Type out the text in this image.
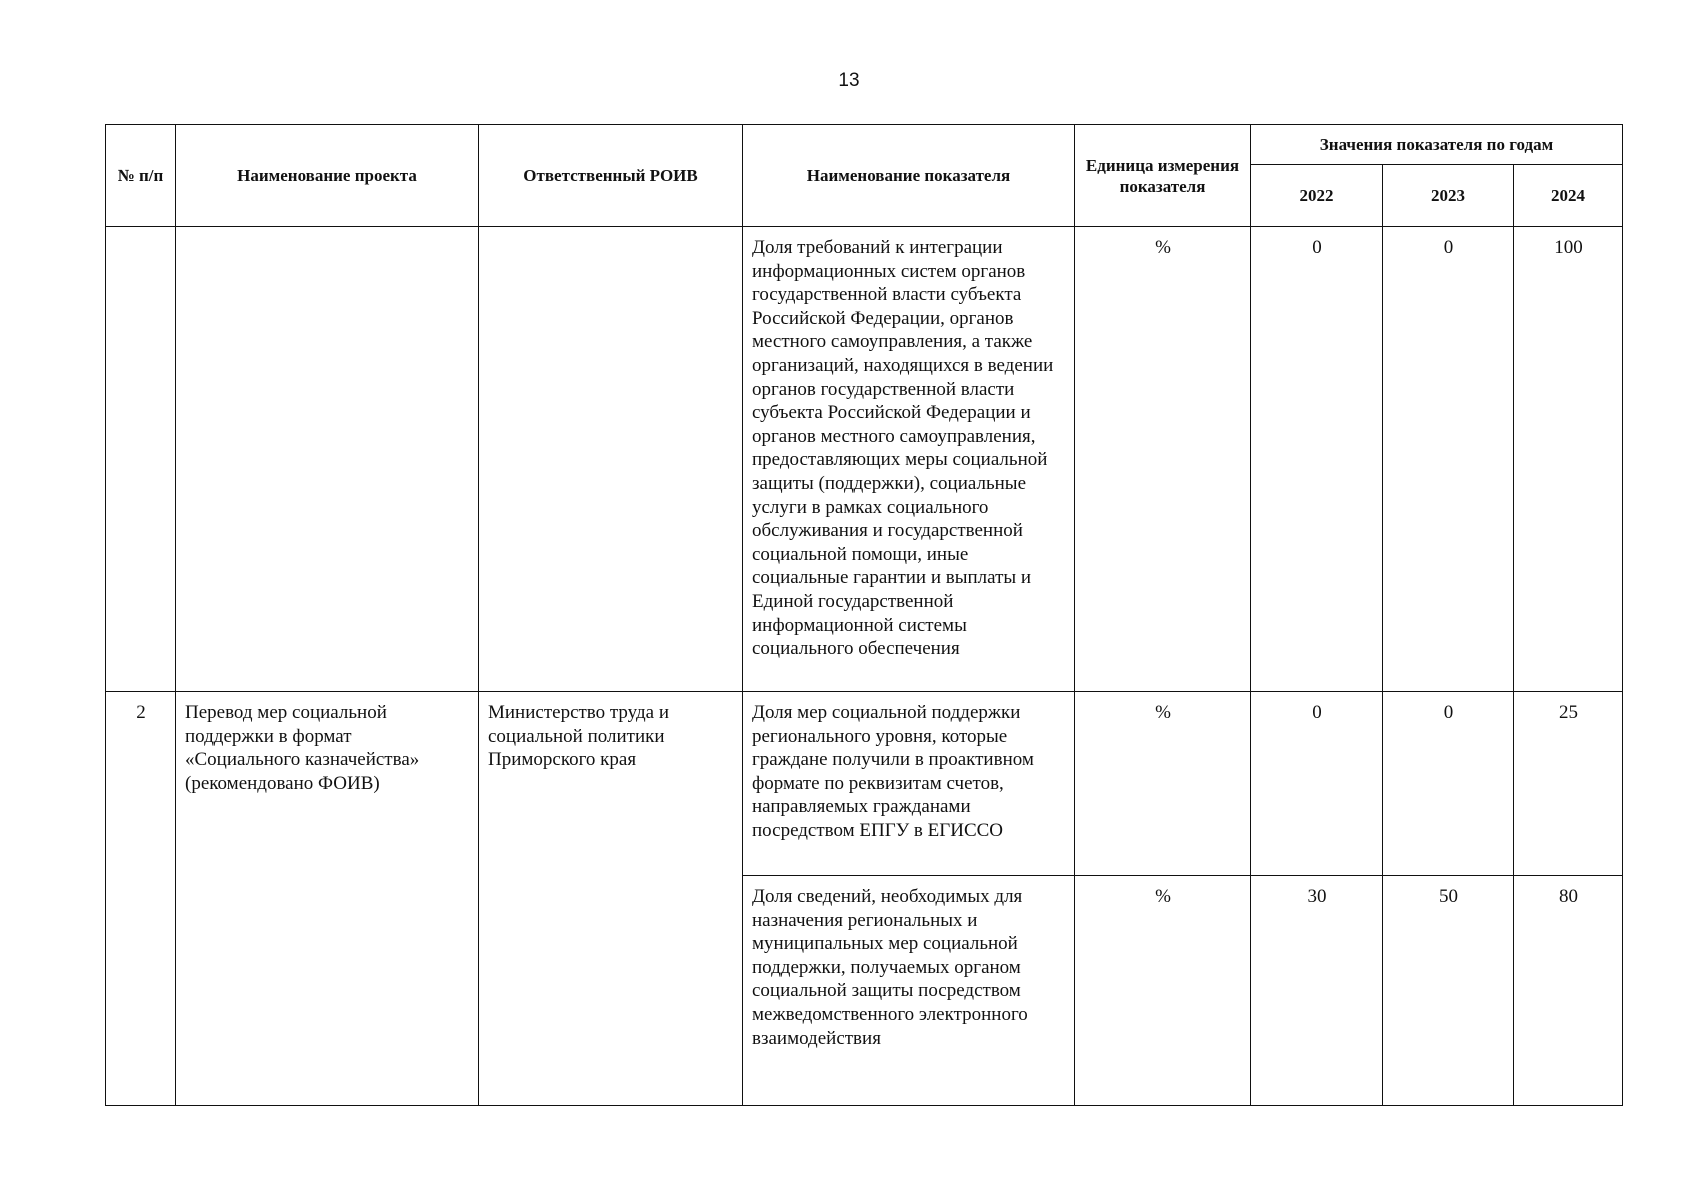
13
№ п/п	Наименование проекта	Ответственный РОИВ	Наименование показателя	Единица измерения показателя	Значения показателя по годам		
					2022	2023	2024
			Доля требований к интеграции информационных систем органов государственной власти субъекта Российской Федерации, органов местного самоуправления, а также организаций, находящихся в ведении органов государственной власти субъекта Российской Федерации и органов местного самоуправления, предоставляющих меры социальной защиты (поддержки), социальные услуги в рамках социального обслуживания и государственной социальной помощи, иные социальные гарантии и выплаты и Единой государственной информационной системы социального обеспечения	%	0	0	100
2	Перевод мер социальной поддержки в формат «Социального казначейства» (рекомендовано ФОИВ)	Министерство труда и социальной политики Приморского края	Доля мер социальной поддержки регионального уровня, которые граждане получили в проактивном формате по реквизитам счетов, направляемых гражданами посредством ЕПГУ в ЕГИССО	%	0	0	25
			Доля сведений, необходимых для назначения региональных и муниципальных мер социальной поддержки, получаемых органом социальной защиты посредством межведомственного электронного взаимодействия	%	30	50	80
